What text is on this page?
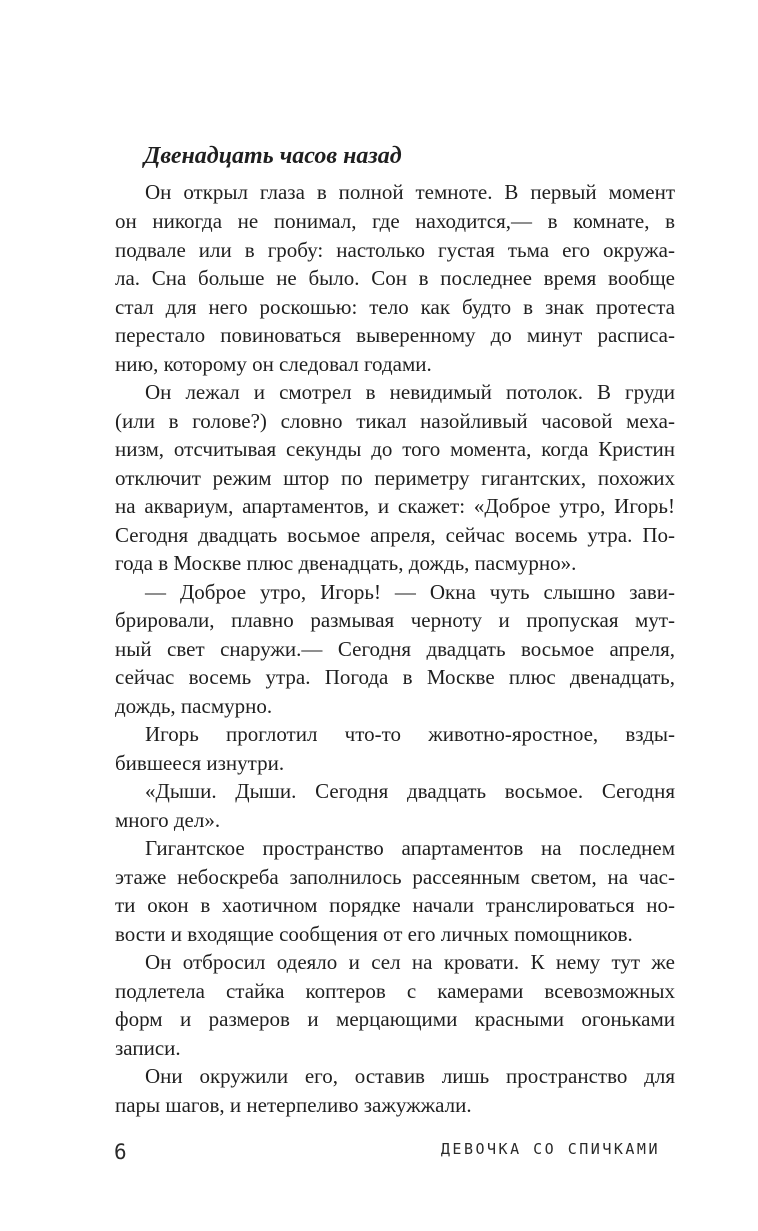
Двенадцать часов назад
Он открыл глаза в полной темноте. В первый момент
он никогда не понимал, где находится,— в комнате, в
подвале или в гробу: настолько густая тьма его окружа-
ла. Сна больше не было. Сон в последнее время вообще
стал для него роскошью: тело как будто в знак протеста
перестало повиноваться выверенному до минут расписа-
нию, которому он следовал годами.
Он лежал и смотрел в невидимый потолок. В груди
(или в голове?) словно тикал назойливый часовой меха-
низм, отсчитывая секунды до того момента, когда Кристин
отключит режим штор по периметру гигантских, похожих
на аквариум, апартаментов, и скажет: «Доброе утро, Игорь!
Сегодня двадцать восьмое апреля, сейчас восемь утра. По-
года в Москве плюс двенадцать, дождь, пасмурно».
— Доброе утро, Игорь! — Окна чуть слышно зави-
брировали, плавно размывая черноту и пропуская мут-
ный свет снаружи.— Сегодня двадцать восьмое апреля,
сейчас восемь утра. Погода в Москве плюс двенадцать,
дождь, пасмурно.
Игорь проглотил что-то животно-яростное, взды-
бившееся изнутри.
«Дыши. Дыши. Сегодня двадцать восьмое. Сегодня
много дел».
Гигантское пространство апартаментов на последнем
этаже небоскреба заполнилось рассеянным светом, на час-
ти окон в хаотичном порядке начали транслироваться но-
вости и входящие сообщения от его личных помощников.
Он отбросил одеяло и сел на кровати. К нему тут же
подлетела стайка коптеров с камерами всевозможных
форм и размеров и мерцающими красными огоньками
записи.
Они окружили его, оставив лишь пространство для
пары шагов, и нетерпеливо зажужжали.
6	ДЕВОЧКА СО СПИЧКАМИ
